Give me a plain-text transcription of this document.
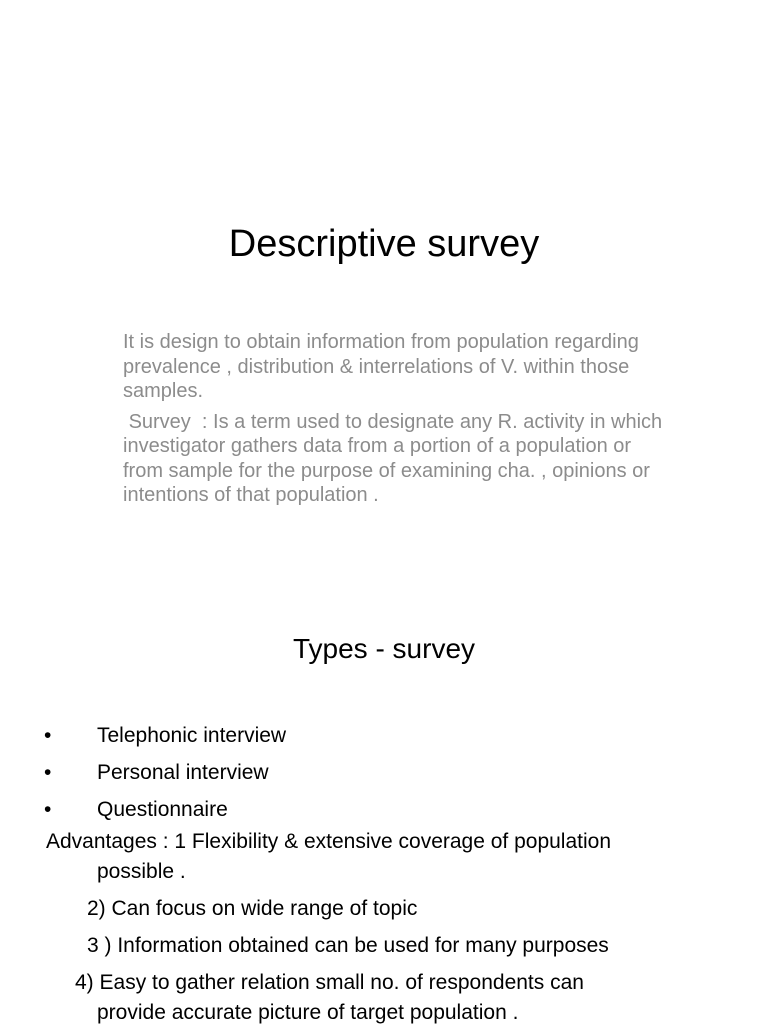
Descriptive survey

It is design to obtain information from population regarding prevalence , distribution & interrelations of V. within those samples.

Survey  : Is a term used to designate any R. activity in which investigator gathers data from a portion of a population or from sample for the purpose of examining cha. , opinions or intentions of that population .

Types - survey
• Telephonic interview
• Personal interview
• Questionnaire
Advantages : 1 Flexibility & extensive coverage of population
possible .
2) Can focus on wide range of topic
3 ) Information obtained can be used for many purposes
4) Easy to gather relation small no. of respondents can
provide accurate picture of target population .
